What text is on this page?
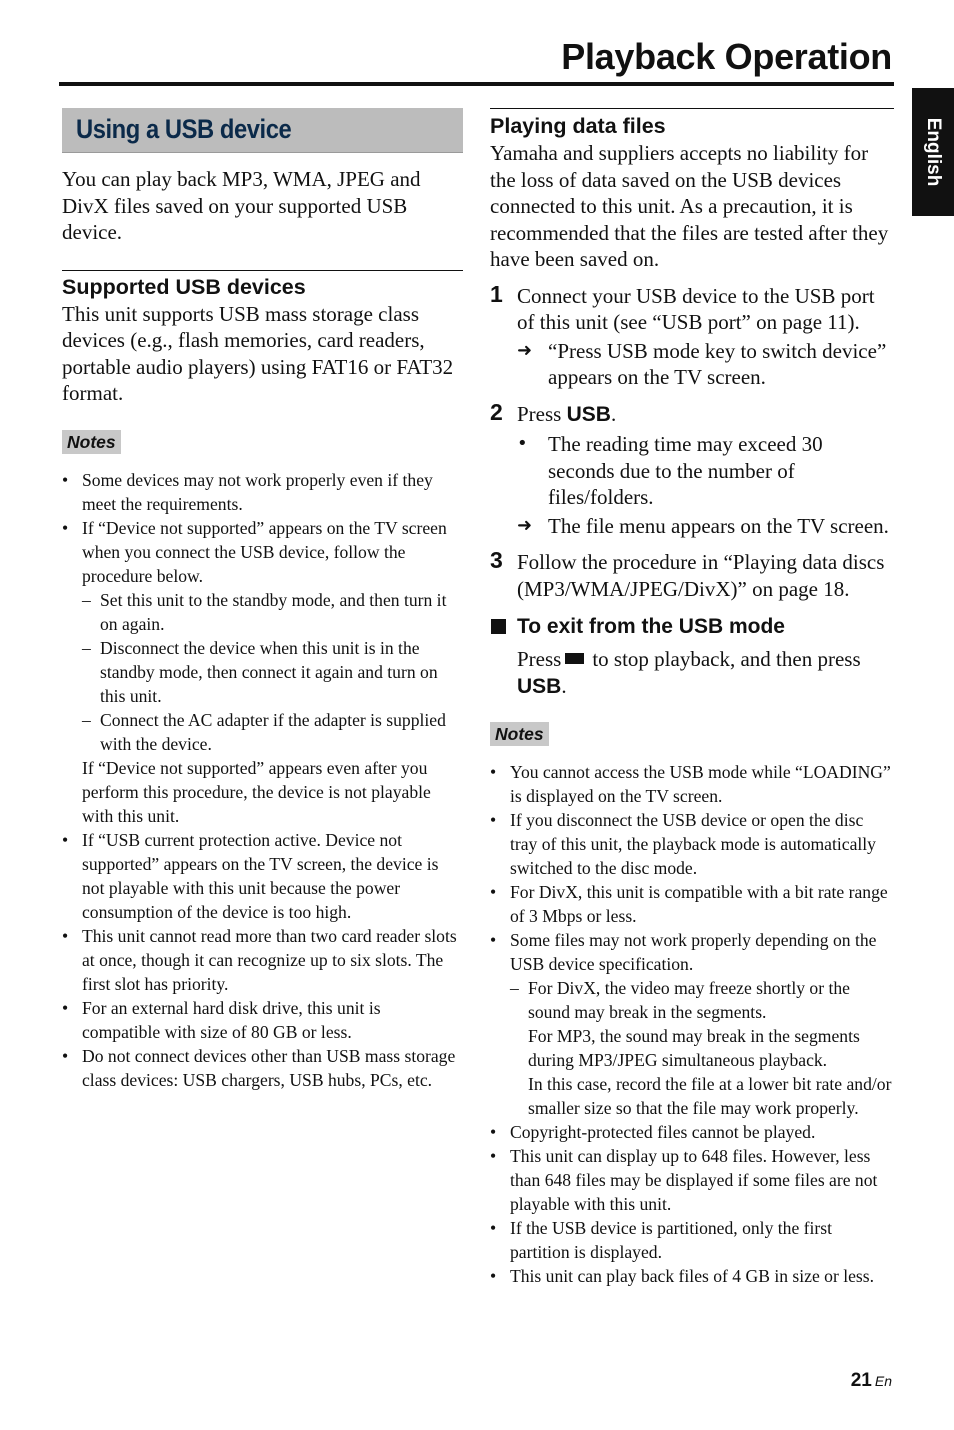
Playback Operation
English
Using a USB device

You can play back MP3, WMA, JPEG and DivX files saved on your supported USB device.

Supported USB devices

This unit supports USB mass storage class devices (e.g., flash memories, card readers, portable audio players) using FAT16 or FAT32 format.

Notes
• Some devices may not work properly even if they meet the requirements.
• If “Device not supported” appears on the TV screen when you connect the USB device, follow the procedure below.
– Set this unit to the standby mode, and then turn it on again.
– Disconnect the device when this unit is in the standby mode, then connect it again and turn on this unit.
– Connect the AC adapter if the adapter is supplied with the device.
If “Device not supported” appears even after you perform this procedure, the device is not playable with this unit.
• If “USB current protection active. Device not supported” appears on the TV screen, the device is not playable with this unit because the power consumption of the device is too high.
• This unit cannot read more than two card reader slots at once, though it can recognize up to six slots. The first slot has priority.
• For an external hard disk drive, this unit is compatible with size of 80 GB or less.
• Do not connect devices other than USB mass storage class devices: USB chargers, USB hubs, PCs, etc.
Playing data files

Yamaha and suppliers accepts no liability for the loss of data saved on the USB devices connected to this unit. As a precaution, it is recommended that the files are tested after they have been saved on.

1 Connect your USB device to the USB port of this unit (see “USB port” on page 11).
➜ “Press USB mode key to switch device” appears on the TV screen.
2 Press USB.
• The reading time may exceed 30 seconds due to the number of files/folders.
➜ The file menu appears on the TV screen.
3 Follow the procedure in “Playing data discs (MP3/WMA/JPEG/DivX)” on page 18.
To exit from the USB mode
Press to stop playback, and then press USB.
Notes
• You cannot access the USB mode while “LOADING” is displayed on the TV screen.
• If you disconnect the USB device or open the disc tray of this unit, the playback mode is automatically switched to the disc mode.
• For DivX, this unit is compatible with a bit rate range of 3 Mbps or less.
• Some files may not work properly depending on the USB device specification.
– For DivX, the video may freeze shortly or the sound may break in the segments.
For MP3, the sound may break in the segments during MP3/JPEG simultaneous playback.
In this case, record the file at a lower bit rate and/or smaller size so that the file may work properly.
• Copyright-protected files cannot be played.
• This unit can display up to 648 files. However, less than 648 files may be displayed if some files are not playable with this unit.
• If the USB device is partitioned, only the first partition is displayed.
• This unit can play back files of 4 GB in size or less.
21 En
